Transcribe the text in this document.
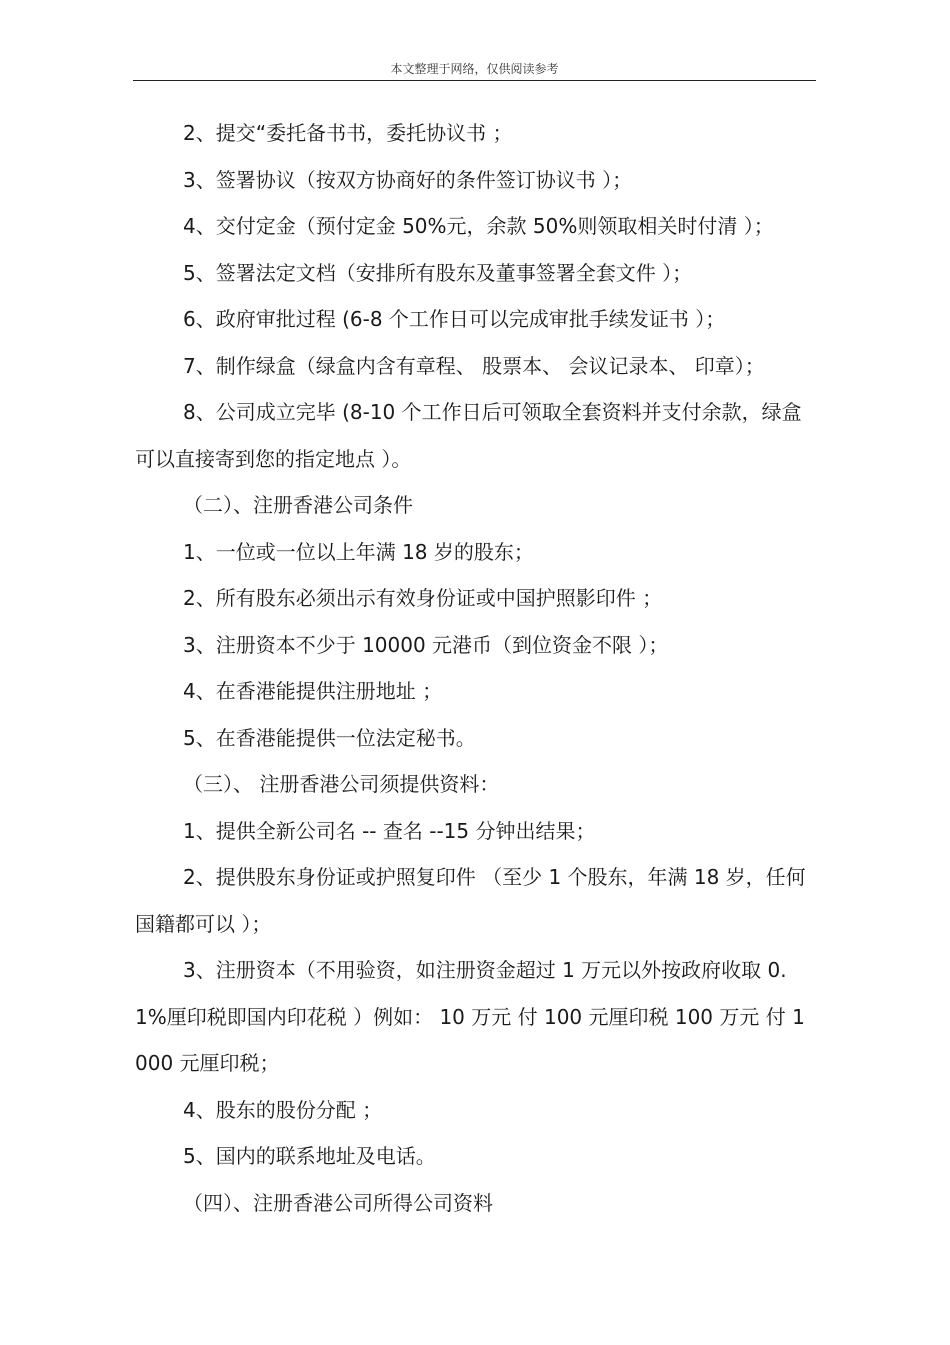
本文整理于网络，仅供阅读参考

2、提交“委托备书书，委托协议书 ；

3、签署协议（按双方协商好的条件签订协议书 ）；

4、交付定金（预付定金 50%元，余款 50%则领取相关时付清 ）；

5、签署法定文档（安排所有股东及董事签署全套文件 ）；

6、政府审批过程 (6-8 个工作日可以完成审批手续发证书 ）；

7、制作绿盒（绿盒内含有章程、 股票本、 会议记录本、 印章）；

8、公司成立完毕 (8-10 个工作日后可领取全套资料并支付余款，绿盒可以直接寄到您的指定地点 ）。

（二）、注册香港公司条件

1、一位或一位以上年满 18 岁的股东；

2、所有股东必须出示有效身份证或中国护照影印件 ；

3、注册资本不少于 10000 元港币（到位资金不限 ）；

4、在香港能提供注册地址 ；

5、在香港能提供一位法定秘书。

（三）、 注册香港公司须提供资料：

1、提供全新公司名 -- 查名 --15 分钟出结果；

2、提供股东身份证或护照复印件 （至少 1 个股东，年满 18 岁，任何国籍都可以 ）；

3、注册资本（不用验资，如注册资金超过 1 万元以外按政府收取 0.1%厘印税即国内印花税 ）例如： 10 万元 付 100 元厘印税 100 万元 付 1000 元厘印税；

4、股东的股份分配 ；

5、国内的联系地址及电话。

（四）、注册香港公司所得公司资料
